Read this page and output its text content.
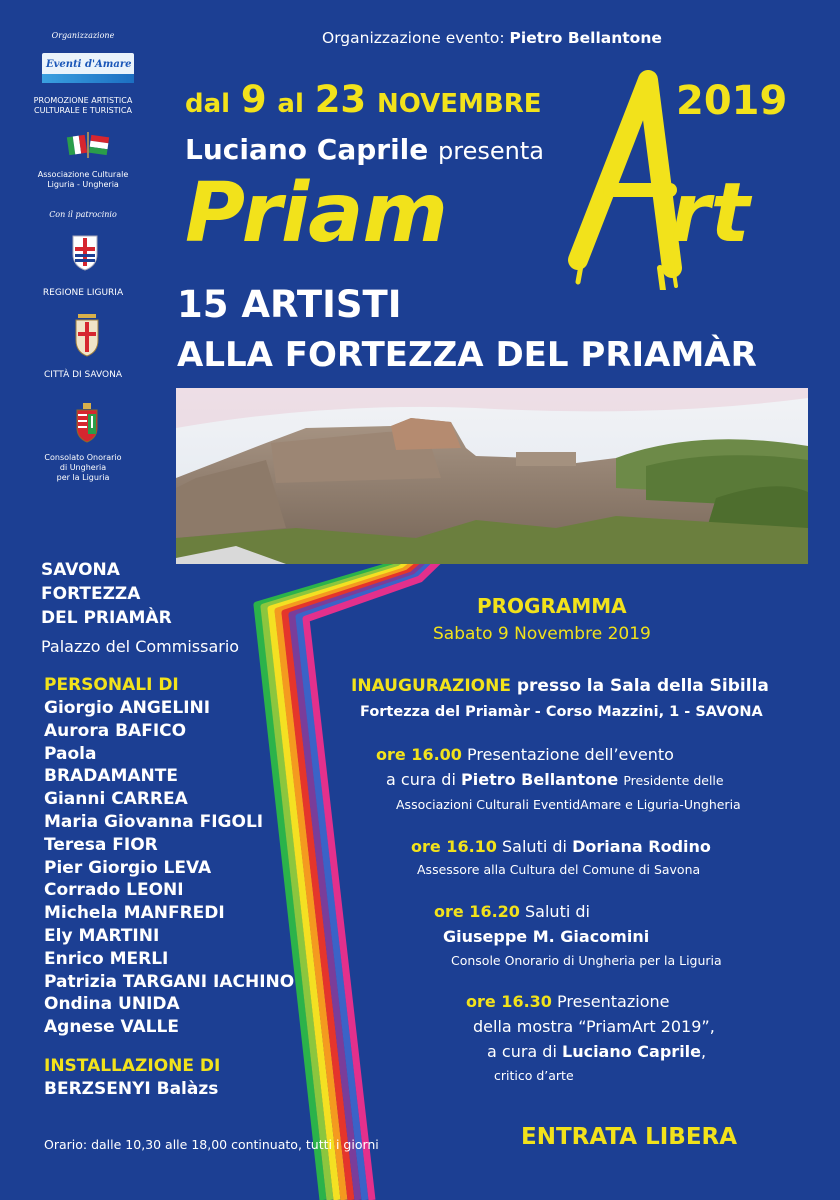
Organizzazione
Eventi d'Amare
PROMOZIONE ARTISTICA
CULTURALE E TURISTICA
Associazione Culturale
Liguria - Ungheria
Con il patrocinio
REGIONE LIGURIA
CITTÀ DI SAVONA
Consolato Onorario
di Ungheria
per la Liguria
Organizzazione evento: Pietro Bellantone
dal 9 al 23 NOVEMBRE	2019
Luciano Caprile presenta
Priam	rt
15 ARTISTI
ALLA FORTEZZA DEL PRIAMÀR
SAVONA
FORTEZZA
DEL PRIAMÀR
Palazzo del Commissario
PERSONALI DI
Giorgio ANGELINI
Aurora BAFICO
Paola
BRADAMANTE
Gianni CARREA
Maria Giovanna FIGOLI
Teresa FIOR
Pier Giorgio LEVA
Corrado LEONI
Michela MANFREDI
Ely MARTINI
Enrico MERLI
Patrizia TARGANI IACHINO
Ondina UNIDA
Agnese VALLE
INSTALLAZIONE DI
BERZSENYI Balàzs
Orario: dalle 10,30 alle 18,00 continuato, tutti i giorni
PROGRAMMA
Sabato 9 Novembre 2019
INAUGURAZIONE presso la Sala della Sibilla
Fortezza del Priamàr - Corso Mazzini, 1 - SAVONA
ore 16.00 Presentazione dell’evento
a cura di Pietro Bellantone Presidente delle
Associazioni Culturali EventidAmare e Liguria-Ungheria
ore 16.10 Saluti di Doriana Rodino
Assessore alla Cultura del Comune di Savona
ore 16.20 Saluti di
Giuseppe M. Giacomini
Console Onorario di Ungheria per la Liguria
ore 16.30 Presentazione
della mostra “PriamArt 2019”,
a cura di Luciano Caprile,
critico d’arte
ENTRATA LIBERA
